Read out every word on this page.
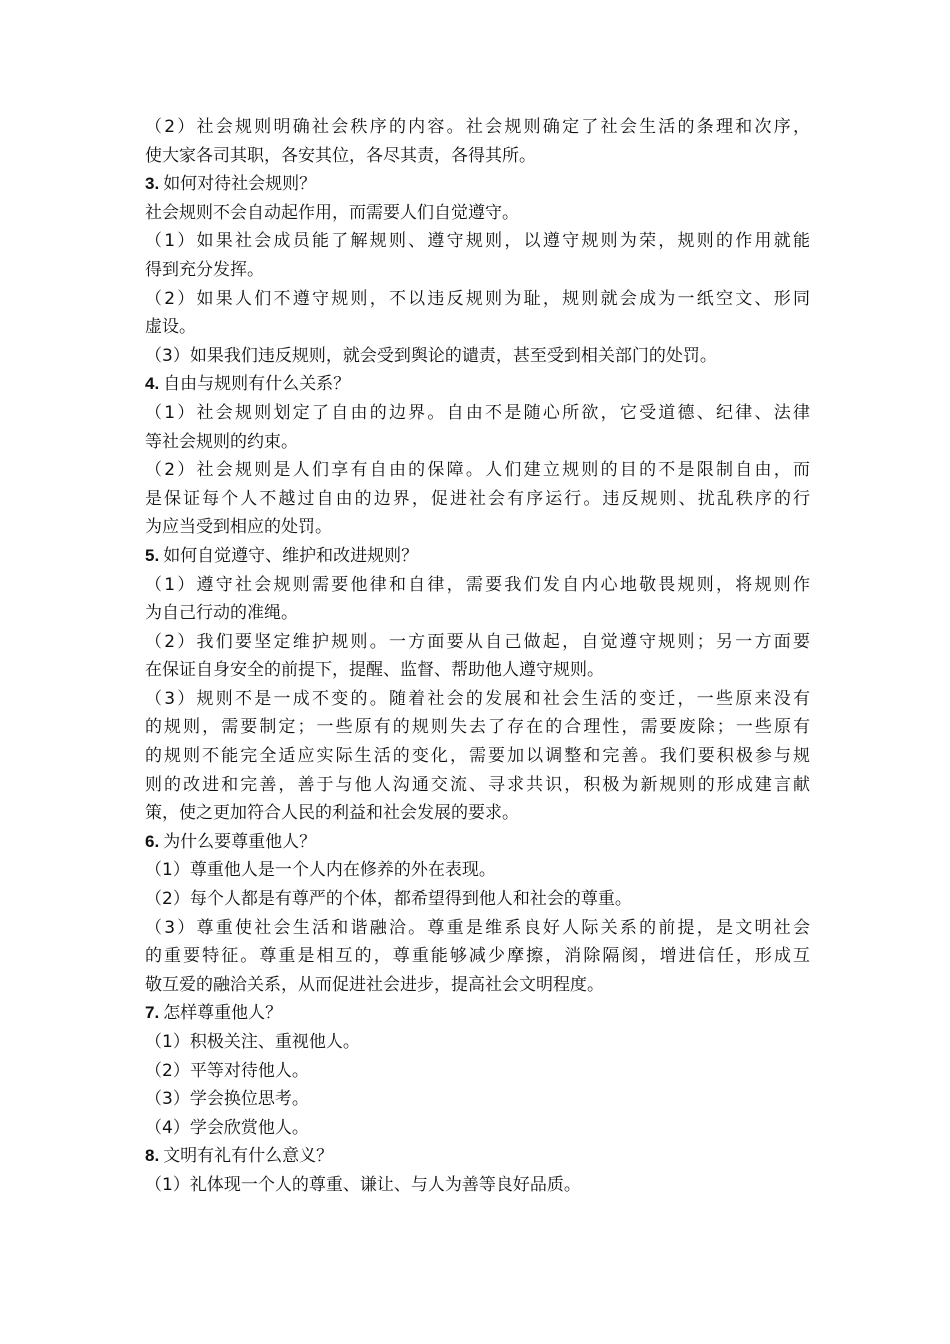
（2）社会规则明确社会秩序的内容。社会规则确定了社会生活的条理和次序，
使大家各司其职，各安其位，各尽其责，各得其所。
3. 如何对待社会规则？
社会规则不会自动起作用，而需要人们自觉遵守。
（1）如果社会成员能了解规则、遵守规则，以遵守规则为荣，规则的作用就能
得到充分发挥。
（2）如果人们不遵守规则，不以违反规则为耻，规则就会成为一纸空文、形同
虚设。
（3）如果我们违反规则，就会受到舆论的谴责，甚至受到相关部门的处罚。
4. 自由与规则有什么关系？
（1）社会规则划定了自由的边界。自由不是随心所欲，它受道德、纪律、法律
等社会规则的约束。
（2）社会规则是人们享有自由的保障。人们建立规则的目的不是限制自由，而
是保证每个人不越过自由的边界，促进社会有序运行。违反规则、扰乱秩序的行
为应当受到相应的处罚。
5. 如何自觉遵守、维护和改进规则？
（1）遵守社会规则需要他律和自律，需要我们发自内心地敬畏规则，将规则作
为自己行动的准绳。
（2）我们要坚定维护规则。一方面要从自己做起，自觉遵守规则；另一方面要
在保证自身安全的前提下，提醒、监督、帮助他人遵守规则。
（3）规则不是一成不变的。随着社会的发展和社会生活的变迁，一些原来没有
的规则，需要制定；一些原有的规则失去了存在的合理性，需要废除；一些原有
的规则不能完全适应实际生活的变化，需要加以调整和完善。我们要积极参与规
则的改进和完善，善于与他人沟通交流、寻求共识，积极为新规则的形成建言献
策，使之更加符合人民的利益和社会发展的要求。
6. 为什么要尊重他人？
（1）尊重他人是一个人内在修养的外在表现。
（2）每个人都是有尊严的个体，都希望得到他人和社会的尊重。
（3）尊重使社会生活和谐融洽。尊重是维系良好人际关系的前提，是文明社会
的重要特征。尊重是相互的，尊重能够减少摩擦，消除隔阂，增进信任，形成互
敬互爱的融洽关系，从而促进社会进步，提高社会文明程度。
7. 怎样尊重他人？
（1）积极关注、重视他人。
（2）平等对待他人。
（3）学会换位思考。
（4）学会欣赏他人。
8. 文明有礼有什么意义？
（1）礼体现一个人的尊重、谦让、与人为善等良好品质。
